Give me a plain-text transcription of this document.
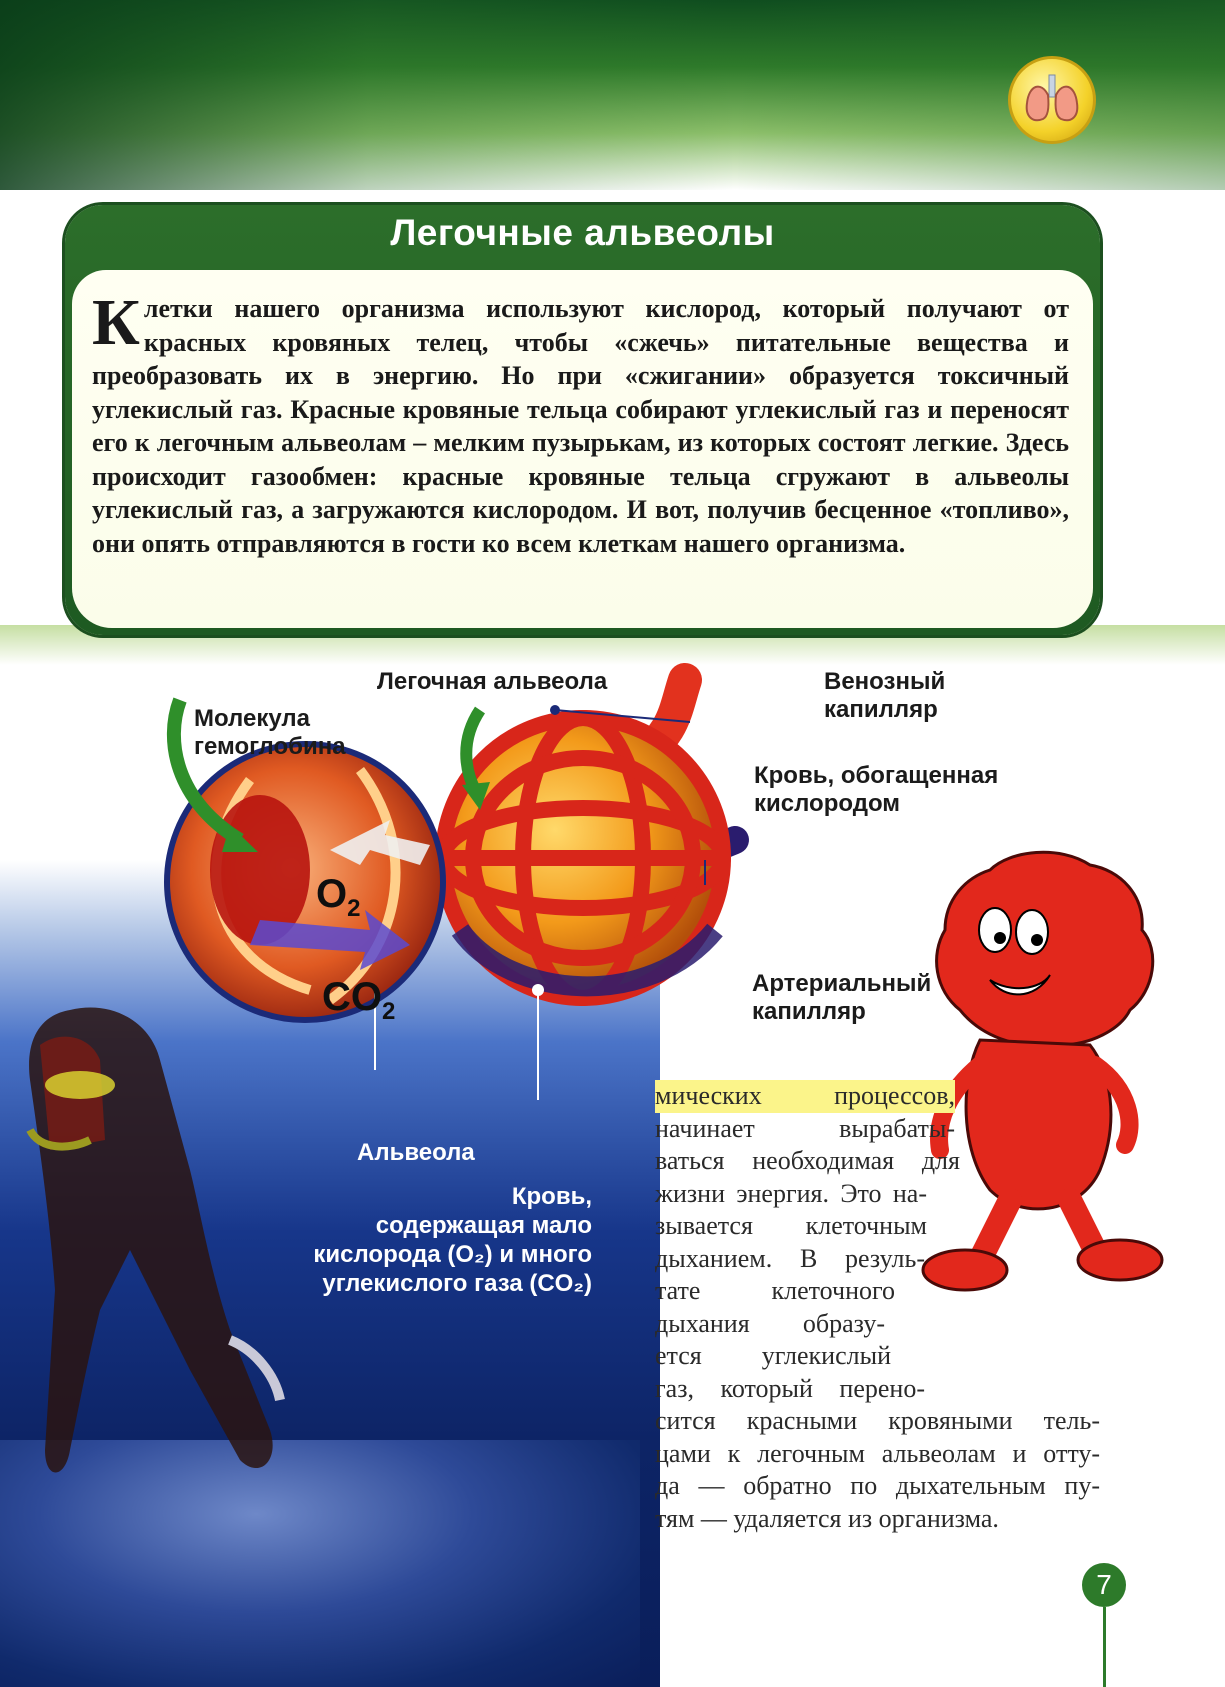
Легочные альвеолы
К летки нашего организма используют кислород, который получают от красных кровяных телец, чтобы «сжечь» питательные вещества и преобразовать их в энергию. Но при «сжигании» образуется токсичный углекислый газ. Красные кровяные тельца собирают углекислый газ и переносят его к легочным альвеолам – мелким пузырькам, из которых состоят легкие. Здесь происходит газообмен: красные кровяные тельца сгружают в альвеолы углекислый газ, а загружаются кислородом. И вот, получив бесценное «топливо», они опять отправляются в гости ко всем клеткам нашего организма.
$O_2$
$CO_2$
Легочная альвеола
Молекула
гемоглобина
Венозный
капилляр
Кровь, обогащенная
кислородом
Артериальный
капилляр
Альвеола
Кровь,
содержащая мало
кислорода (O₂) и много
углекислого газа (CO₂)
мических процессов,
начинает вырабаты-
ваться необходимая для
жизни энергия. Это на-
зывается клеточным
дыханием. В резуль-
тате клеточного
дыхания образу-
ется углекислый
газ, который перено-
сится красными кровяными тель-
цами к легочным альвеолам и отту-
да — обратно по дыхательным пу-
тям — удаляется из организма.
7
